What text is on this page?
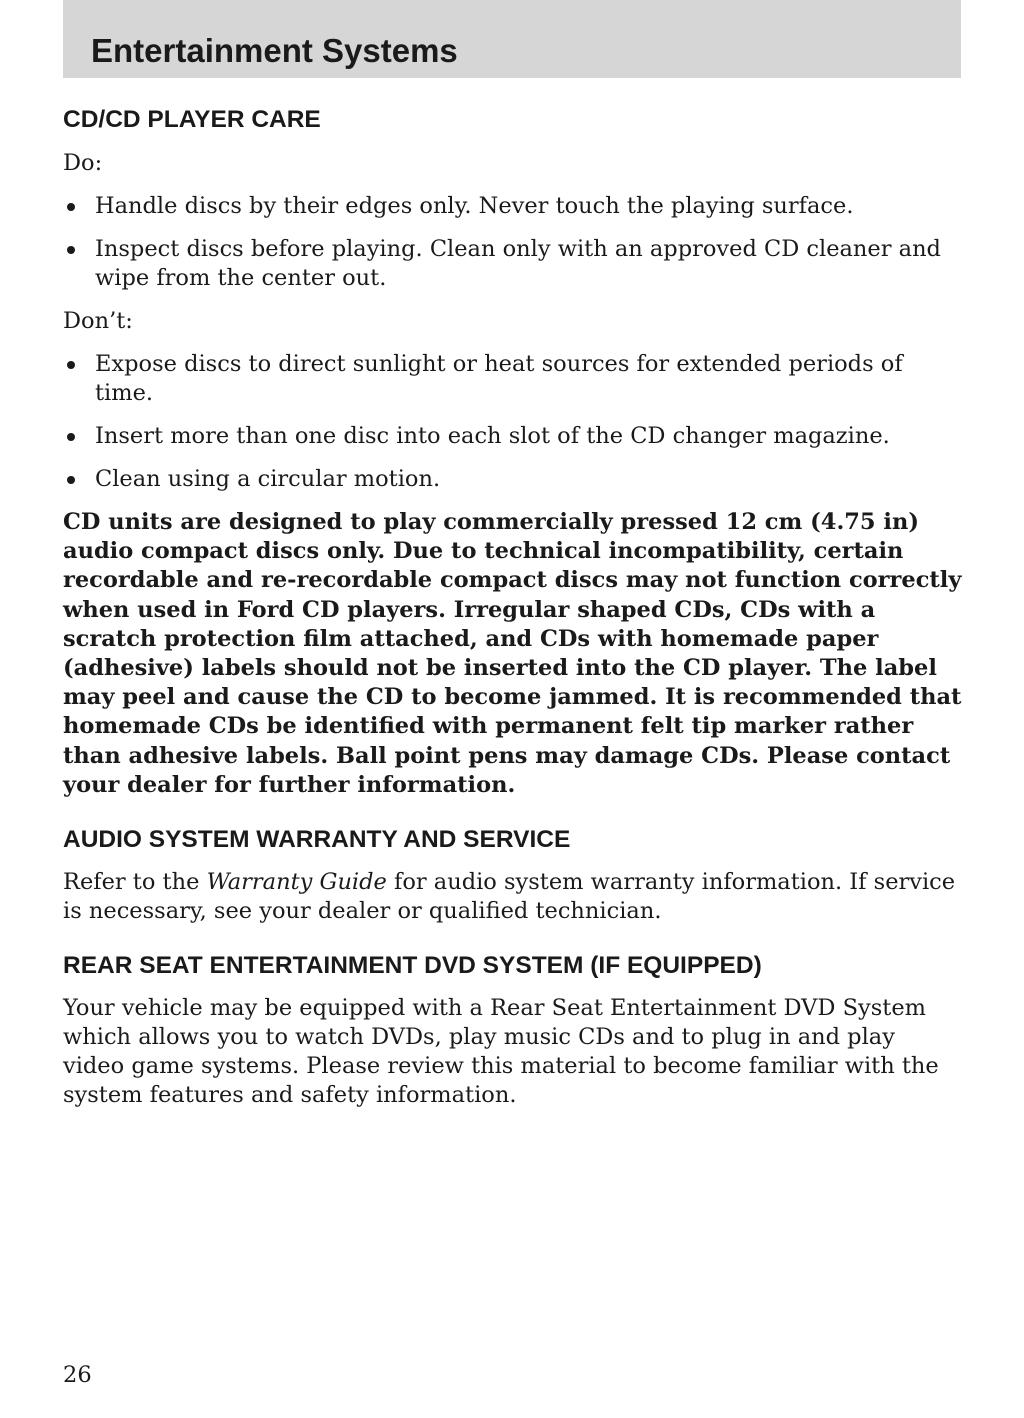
Entertainment Systems
CD/CD PLAYER CARE

Do:

Handle discs by their edges only. Never touch the playing surface.
Inspect discs before playing. Clean only with an approved CD cleaner and wipe from the center out.

Don’t:

Expose discs to direct sunlight or heat sources for extended periods of time.
Insert more than one disc into each slot of the CD changer magazine.
Clean using a circular motion.

CD units are designed to play commercially pressed 12 cm (4.75 in) audio compact discs only. Due to technical incompatibility, certain recordable and re-recordable compact discs may not function correctly when used in Ford CD players. Irregular shaped CDs, CDs with a scratch protection film attached, and CDs with homemade paper (adhesive) labels should not be inserted into the CD player. The label may peel and cause the CD to become jammed. It is recommended that homemade CDs be identified with permanent felt tip marker rather than adhesive labels. Ball point pens may damage CDs. Please contact your dealer for further information.

AUDIO SYSTEM WARRANTY AND SERVICE

Refer to the Warranty Guide for audio system warranty information. If service is necessary, see your dealer or qualified technician.

REAR SEAT ENTERTAINMENT DVD SYSTEM (IF EQUIPPED)

Your vehicle may be equipped with a Rear Seat Entertainment DVD System which allows you to watch DVDs, play music CDs and to plug in and play video game systems. Please review this material to become familiar with the system features and safety information.

26
